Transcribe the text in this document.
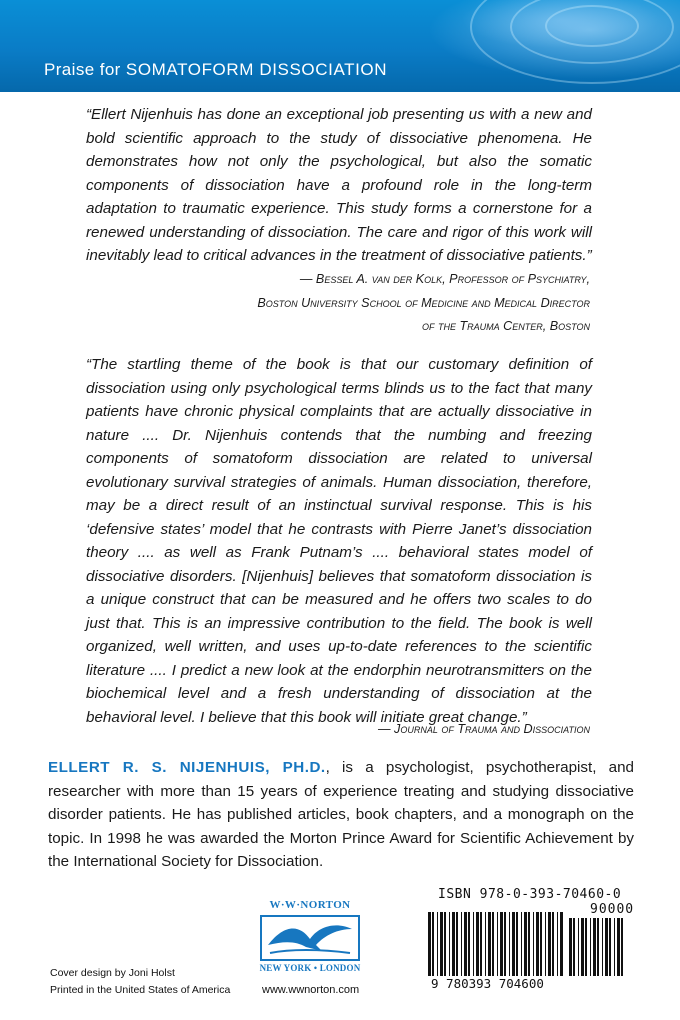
Praise for SOMATOFORM DISSOCIATION

“Ellert Nijenhuis has done an exceptional job presenting us with a new and bold scientific approach to the study of dissociative phenomena. He demonstrates how not only the psychological, but also the somatic components of dissociation have a profound role in the long-term adaptation to traumatic experience. This study forms a cornerstone for a renewed understanding of dissociation. The care and rigor of this work will inevitably lead to critical advances in the treatment of dissociative patients.”

— Bessel A. van der Kolk, Professor of Psychiatry,
Boston University School of Medicine and Medical Director
of the Trauma Center, Boston

“The startling theme of the book is that our customary definition of dissociation using only psychological terms blinds us to the fact that many patients have chronic physical complaints that are actually dissociative in nature .... Dr. Nijenhuis contends that the numbing and freezing components of somatoform dissociation are related to universal evolutionary survival strategies of animals. Human dissociation, therefore, may be a direct result of an instinctual survival response. This is his ‘defensive states’ model that he contrasts with Pierre Janet’s dissociation theory .... as well as Frank Putnam’s .... behavioral states model of dissociative disorders. [Nijenhuis] believes that somatoform dissociation is a unique construct that can be measured and he offers two scales to do just that. This is an impressive contribution to the field. The book is well organized, well written, and uses up-to-date references to the scientific literature .... I predict a new look at the endorphin neurotransmitters on the biochemical level and a fresh understanding of dissociation at the behavioral level. I believe that this book will initiate great change.”

— Journal of Trauma and Dissociation

ELLERT R. S. NIJENHUIS, PH.D., is a psychologist, psychotherapist, and researcher with more than 15 years of experience treating and studying dissociative disorder patients. He has published articles, book chapters, and a monograph on the topic. In 1998 he was awarded the Morton Prince Award for Scientific Achievement by the International Society for Dissociation.

Cover design by Joni Holst
Printed in the United States of America	www.wwnorton.com
W·W·NORTON
NEW YORK • LONDON
ISBN 978-0-393-70460-0
90000
9 780393 704600
